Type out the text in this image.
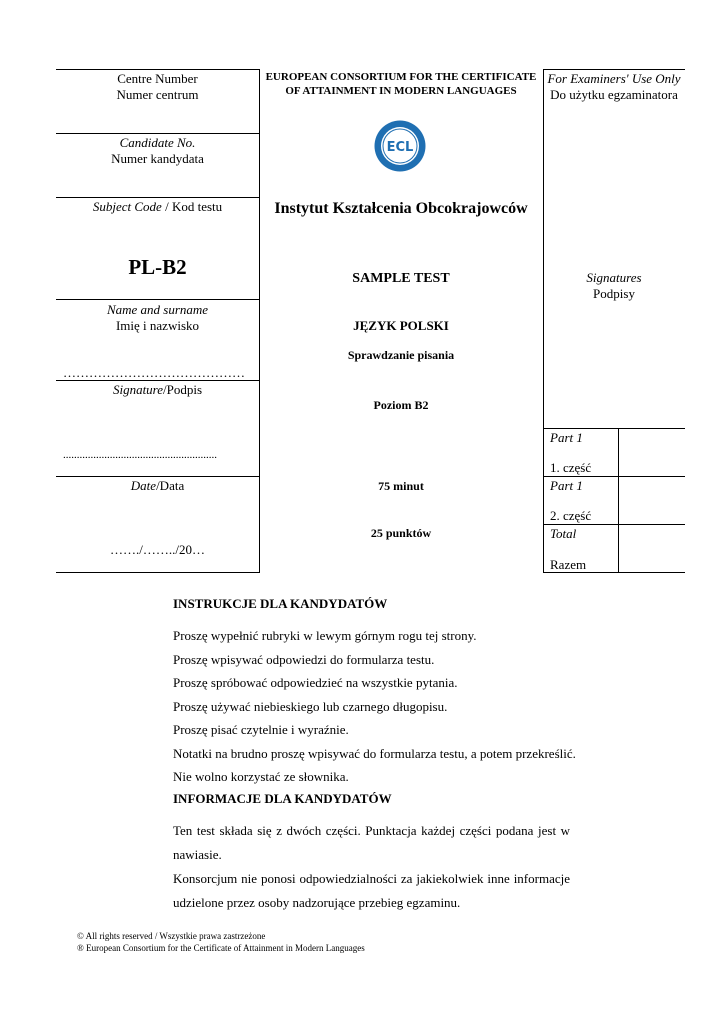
Centre Number
Numer centrum
Candidate No.
Numer kandydata
Subject Code / Kod testu
PL-B2
Name and surname
Imię i nazwisko
……………………………………
Signature/Podpis
........................................................
Date/Data
……./……../20…
EUROPEAN CONSORTIUM FOR THE CERTIFICATE OF ATTAINMENT IN MODERN LANGUAGES
ECL
Instytut Kształcenia Obcokrajowców
SAMPLE TEST
JĘZYK POLSKI
Sprawdzanie pisania
Poziom B2
75 minut
25 punktów
For Examiners' Use Only
Do użytku egzaminatora
Signatures
Podpisy
Part 1
1. część
Part 1
2. część
Total
Razem
INSTRUKCJE DLA KANDYDATÓW

Proszę wypełnić rubryki w lewym górnym rogu tej strony.

Proszę wpisywać odpowiedzi do formularza testu.

Proszę spróbować odpowiedzieć na wszystkie pytania.

Proszę używać niebieskiego lub czarnego długopisu.

Proszę pisać czytelnie i wyraźnie.

Notatki na brudno proszę wpisywać do formularza testu, a potem przekreślić.

Nie wolno korzystać ze słownika.

INFORMACJE DLA KANDYDATÓW
Ten test składa się z dwóch części. Punktacja każdej części podana jest w nawiasie.
Konsorcjum nie ponosi odpowiedzialności za jakiekolwiek inne informacje udzielone przez osoby nadzorujące przebieg egzaminu.
© All rights reserved / Wszystkie prawa zastrzeżone
® European Consortium for the Certificate of Attainment in Modern Languages
